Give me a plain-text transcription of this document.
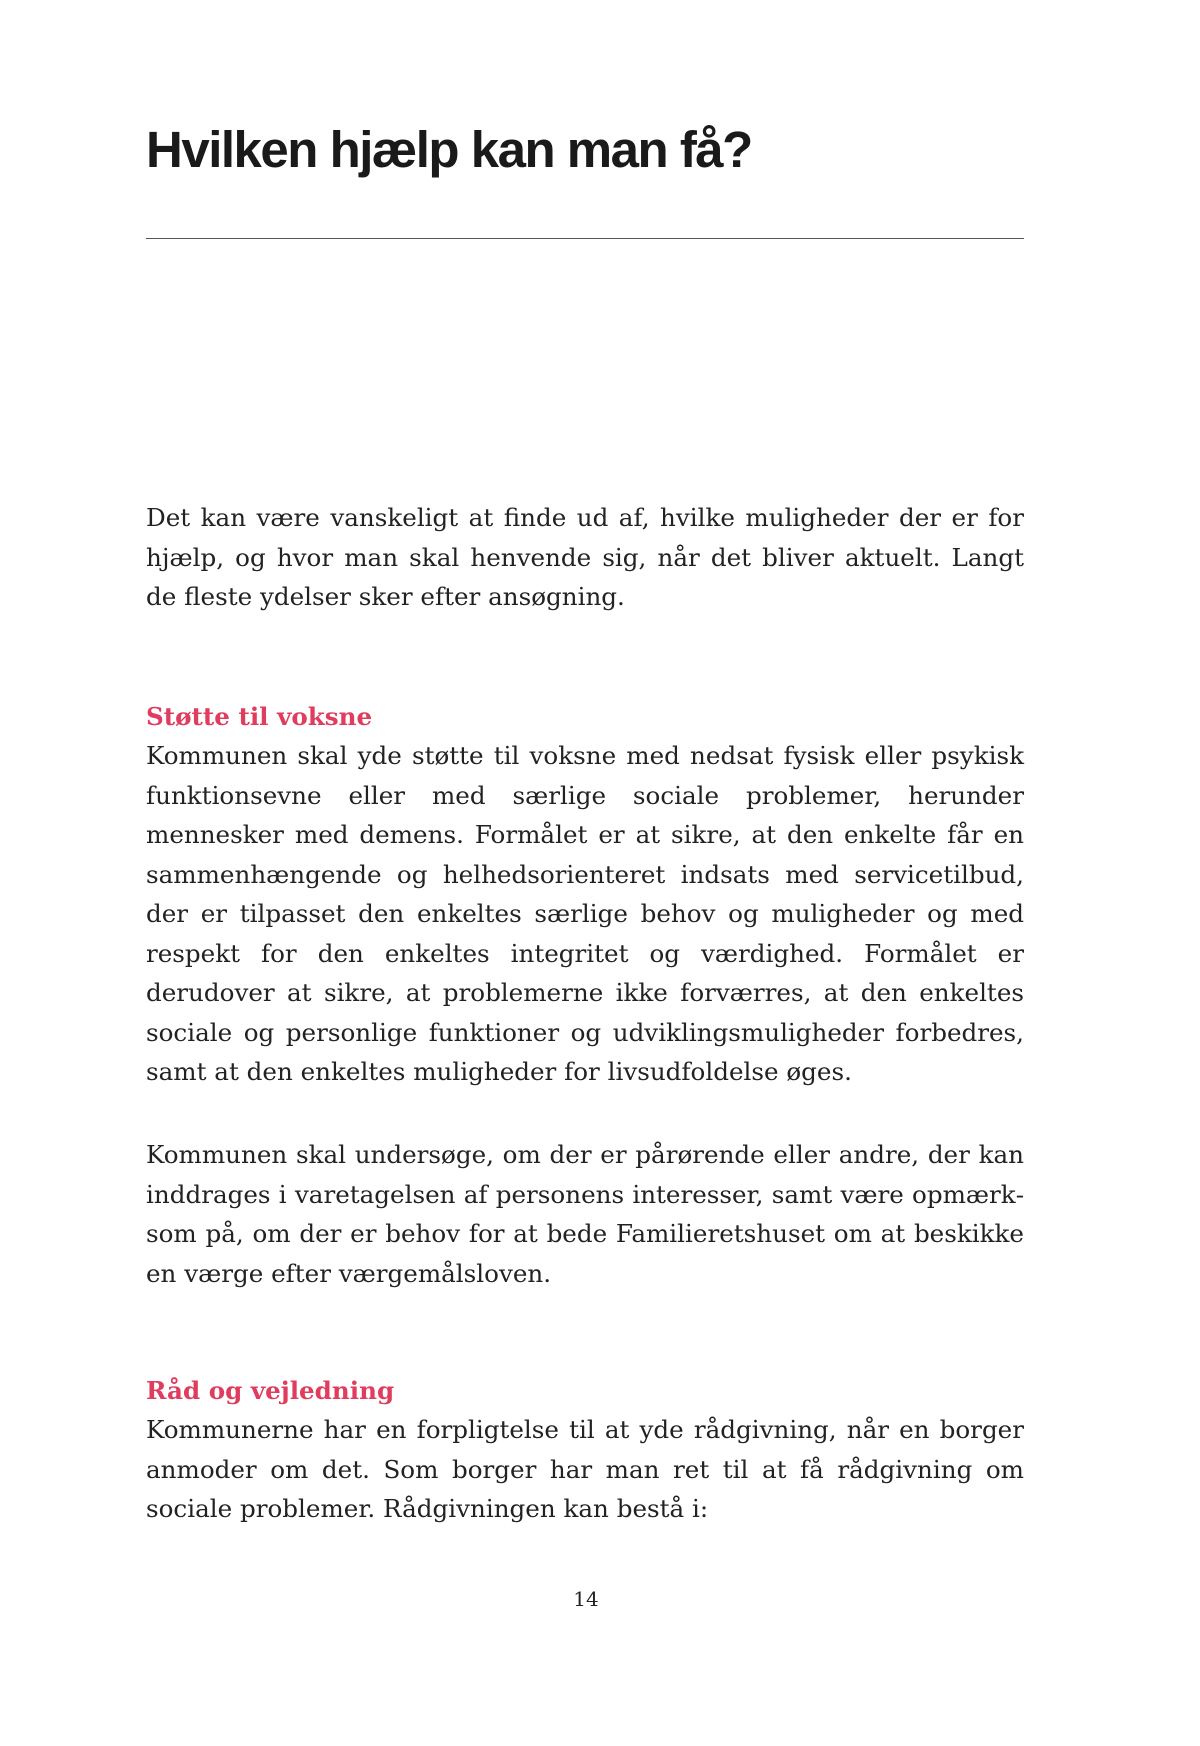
Hvilken hjælp kan man få?

Det kan være vanskeligt at finde ud af, hvilke muligheder der er for hjælp, og hvor man skal henvende sig, når det bliver aktuelt. Langt de fleste ydelser sker efter ansøgning.

Støtte til voksne

Kommunen skal yde støtte til voksne med nedsat fysisk eller psykisk funktionsevne eller med særlige sociale problemer, herunder mennesker med demens. Formålet er at sikre, at den enkelte får en sammenhængende og helhedsorienteret indsats med servicetilbud, der er tilpasset den enkeltes særlige behov og muligheder og med respekt for den enkeltes integritet og værdighed. Formålet er derudover at sikre, at problemerne ikke forværres, at den enkeltes sociale og personlige funktioner og udviklingsmuligheder forbedres, samt at den enkeltes muligheder for livsudfoldelse øges.

Kommunen skal undersøge, om der er pårørende eller andre, der kan inddrages i varetagelsen af personens interesser, samt være opmærksom på, om der er behov for at bede Familieretshuset om at beskikke en værge efter værgemålsloven.

Råd og vejledning

Kommunerne har en forpligtelse til at yde rådgivning, når en borger anmoder om det. Som borger har man ret til at få rådgivning om sociale problemer. Rådgivningen kan bestå i:

14
